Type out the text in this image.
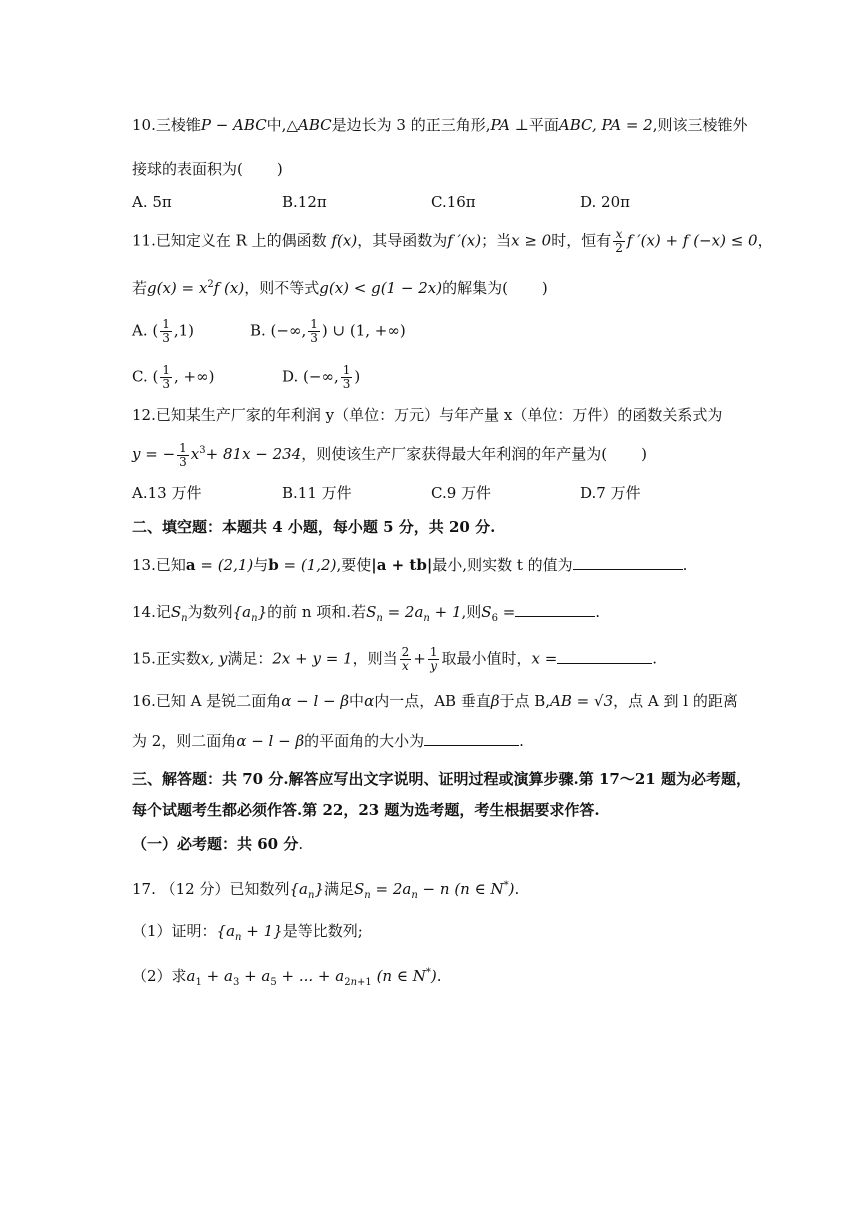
10.三棱锥P − ABC中,△ABC是边长为 3 的正三角形,PA ⊥平面ABC, PA = 2,则该三棱锥外
接球的表面积为( )
A. 5π	B.12π	C.16π	D. 20π
11.已知定义在 R 上的偶函数 f(x)，其导函数为f ′(x)；当x ≥ 0时，恒有 $\frac{x}{2}$ f ′(x) + f (−x) ≤ 0，
若$g(x) = x^2f$ (x)，则不等式g(x) < g(1 − 2x)的解集为( )
A. ( $\frac{1}{3} ,1$)	B. (−∞, $\frac{1}{3}$ ) ∪ (1, +∞)
C. ( $\frac{1}{3}$ , +∞)	D. (−∞, $\frac{1}{3}$ )
12.已知某生产厂家的年利润 y（单位：万元）与年产量 x（单位：万件）的函数关系式为
y = − $\frac{1}{3} x^3+ 81x - 234$，则使该生产厂家获得最大年利润的年产量为( )
A.13 万件	B.11 万件	C.9 万件	D.7 万件
二、填空题：本题共 4 小题，每小题 5 分，共 20 分.
13.已知a = (2,1)与b = (1,2),要使|a + tb|最小,则实数 t 的值为	.
14.记$S_n$为数列$\{a_n\}$的前 n 项和.若$S_n = 2a_n + 1$,则$S_6$ =	.
15.正实数x, y满足：2x + y = 1，则当 $\frac{2}{x} + \frac{1}{y}$ 取最小值时，x =	.
16.已知 A 是锐二面角α − l − β中α内一点，AB 垂直β于点 B,AB = √3，点 A 到 l 的距离
为 2，则二面角α − l − β的平面角的大小为	.
三、解答题：共 70 分.解答应写出文字说明、证明过程或演算步骤.第 17～21 题为必考题，
每个试题考生都必须作答.第 22，23 题为选考题，考生根据要求作答.
（一）必考题：共 60 分.
17. （12 分）已知数列$\{a_n\}$满足$S_n = 2a_n - n$ (n ∈ N*).
（1）证明：$\{a_n + 1\}$是等比数列;
（2）求$a_1 + a_3 + a_5$ + ... + $a_{2n+1}$ (n ∈ N*).
